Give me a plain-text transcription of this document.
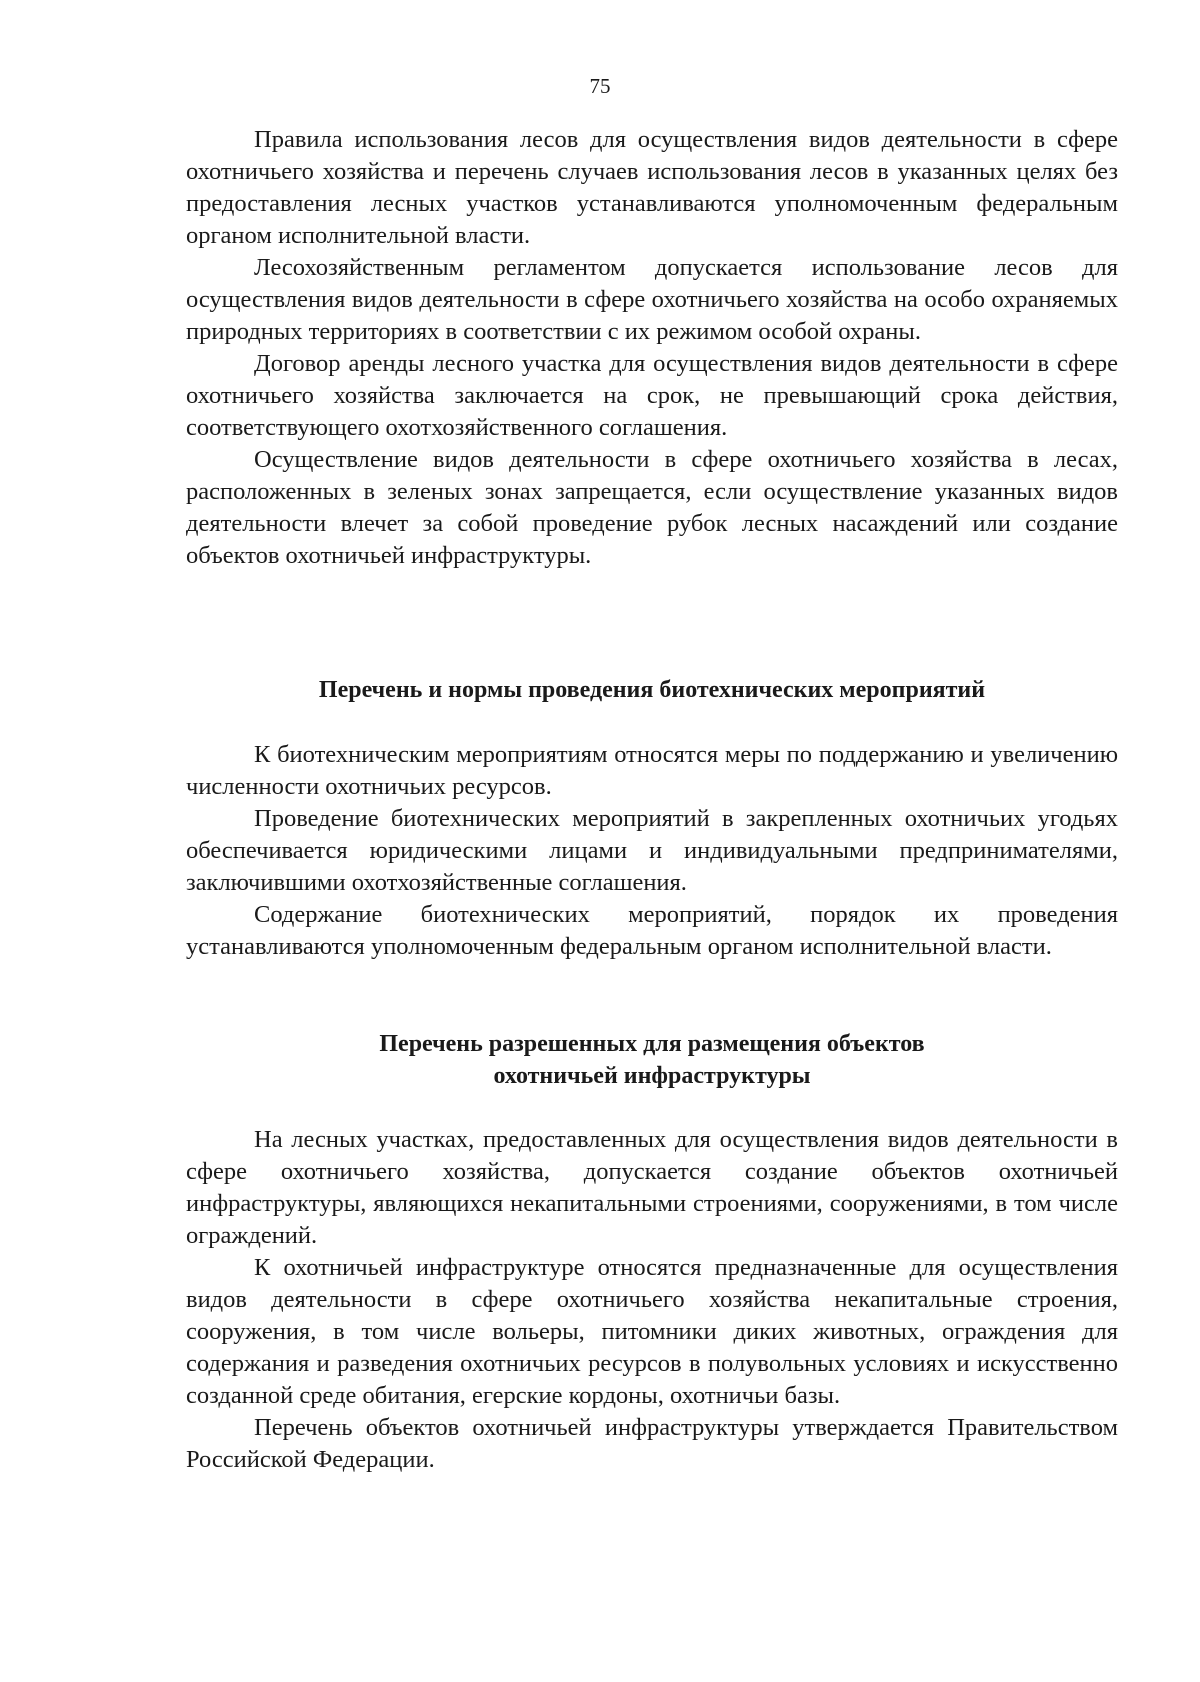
75

Правила использования лесов для осуществления видов деятельности в сфере охотничьего хозяйства и перечень случаев использования лесов в указанных целях без предоставления лесных участков устанавливаются уполномоченным федеральным органом исполнительной власти.

Лесохозяйственным регламентом допускается использование лесов для осуществления видов деятельности в сфере охотничьего хозяйства на особо охраняемых природных территориях в соответствии с их режимом особой охраны.

Договор аренды лесного участка для осуществления видов деятельности в сфере охотничьего хозяйства заключается на срок, не превышающий срока действия, соответствующего охотхозяйственного соглашения.

Осуществление видов деятельности в сфере охотничьего хозяйства в лесах, расположенных в зеленых зонах запрещается, если осуществление указанных видов деятельности влечет за собой проведение рубок лесных насаждений или создание объектов охотничьей инфраструктуры.

Перечень и нормы проведения биотехнических мероприятий

К биотехническим мероприятиям относятся меры по поддержанию и увеличению численности охотничьих ресурсов.

Проведение биотехнических мероприятий в закрепленных охотничьих угодьях обеспечивается юридическими лицами и индивидуальными предпринимателями, заключившими охотхозяйственные соглашения.

Содержание биотехнических мероприятий, порядок их проведения устанавливаются уполномоченным федеральным органом исполнительной власти.

Перечень разрешенных для размещения объектов
охотничьей инфраструктуры

На лесных участках, предоставленных для осуществления видов деятельности в сфере охотничьего хозяйства, допускается создание объектов охотничьей инфраструктуры, являющихся некапитальными строениями, сооружениями, в том числе ограждений.

К охотничьей инфраструктуре относятся предназначенные для осуществления видов деятельности в сфере охотничьего хозяйства некапитальные строения, сооружения, в том числе вольеры, питомники диких животных, ограждения для содержания и разведения охотничьих ресурсов в полувольных условиях и искусственно созданной среде обитания, егерские кордоны, охотничьи базы.

Перечень объектов охотничьей инфраструктуры утверждается Правительством Российской Федерации.
